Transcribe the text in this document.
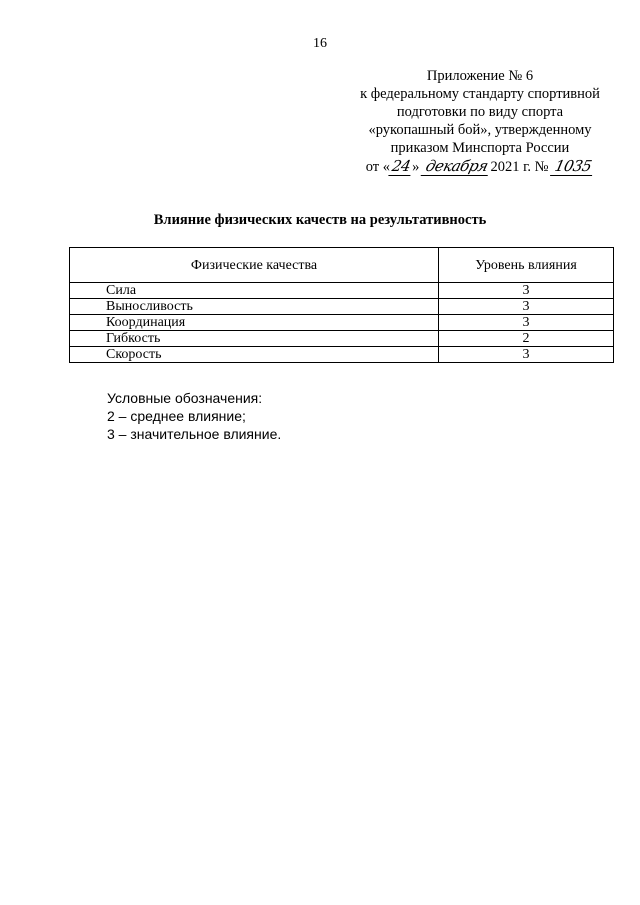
16
Приложение № 6
к федеральному стандарту спортивной
подготовки по виду спорта
«рукопашный бой», утвержденному
приказом Минспорта России
от «24» декабря2021 г. № 1035
Влияние физических качеств на результативность
Физические качества	Уровень влияния
Сила	3
Выносливость	3
Координация	3
Гибкость	2
Скорость	3
Условные обозначения:
2 – среднее влияние;
3 – значительное влияние.
